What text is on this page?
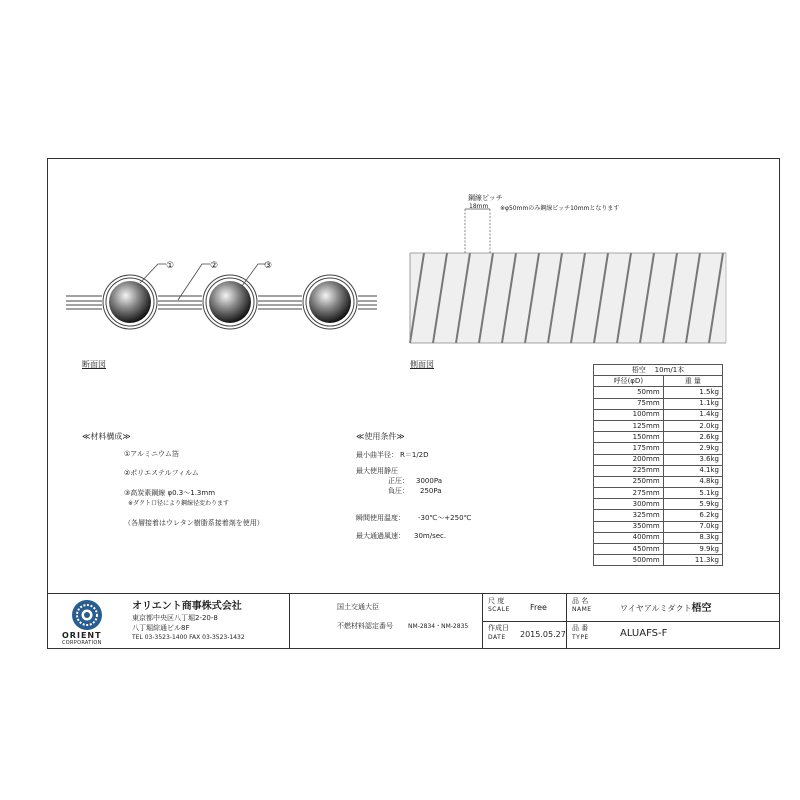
①	②	③
断面図
鋼線ピッチ
18mm ※φ50mmのみ鋼線ピッチ10mmとなります
側面図
≪材料構成≫
①アルミニウム箔
②ポリエステルフィルム
③高炭素鋼線 φ0.3～1.3mm
※ダクト口径により鋼線径変わります
（各層接着はウレタン樹脂系接着剤を使用）
≪使用条件≫
最小曲半径： R＝1/2D
最大使用静圧
正圧： 3000Pa
負圧： 250Pa
瞬間使用温度： -30℃～+250℃
最大通過風速： 30m/sec.
梧空 10m/1本	
呼径(φD)	重 量
50mm	1.5kg
75mm	1.1kg
100mm	1.4kg
125mm	2.0kg
150mm	2.6kg
175mm	2.9kg
200mm	3.6kg
225mm	4.1kg
250mm	4.8kg
275mm	5.1kg
300mm	5.9kg
325mm	6.2kg
350mm	7.0kg
400mm	8.3kg
450mm	9.9kg
500mm	11.3kg
ORIENT
CORPORATION
オリエント商事株式会社
東京都中央区八丁堀2-20-8
八丁堀綜通ビル8F
TEL 03-3523-1400 FAX 03-3523-1432
国土交通大臣
不燃材料認定番号	NM-2834・NM-2835
尺 度
SCALE	Free
作成日
DATE 2015.05.27
品 名
NAME	ワイヤアルミダクト梧空
品 番
TYPE	ALUAFS-F
